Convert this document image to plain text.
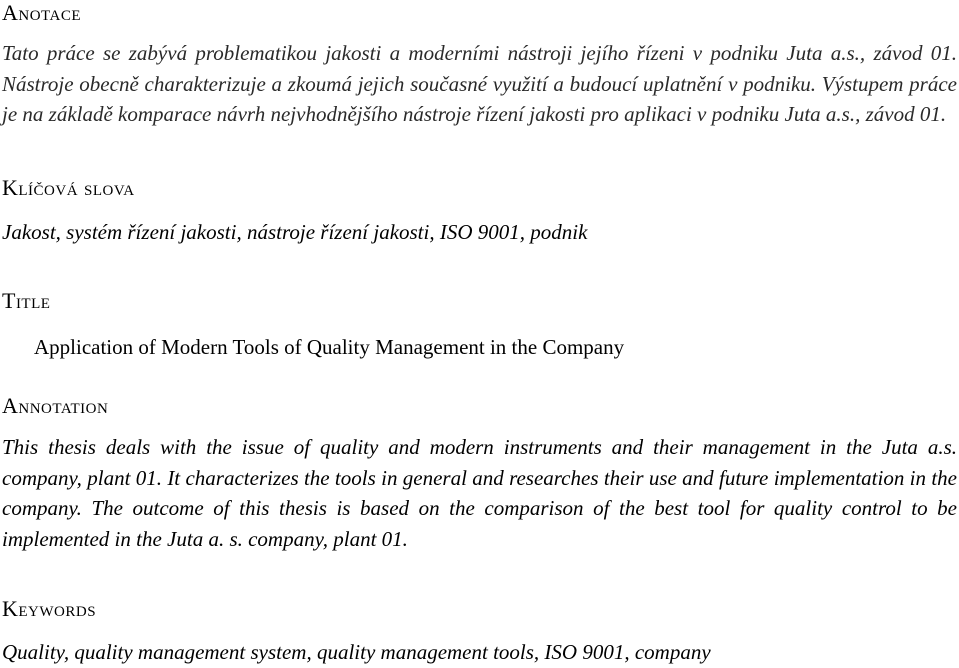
Anotace
Tato práce se zabývá problematikou jakosti a moderními nástroji jejího řízeni v podniku Juta a.s., závod 01. Nástroje obecně charakterizuje a zkoumá jejich současné využití a budoucí uplatnění v podniku. Výstupem práce je na základě komparace návrh nejvhodnějšího nástroje řízení jakosti pro aplikaci v podniku Juta a.s., závod 01.
Klíčová slova
Jakost, systém řízení jakosti, nástroje řízení jakosti, ISO 9001, podnik
Title
Application of Modern Tools of Quality Management in the Company
Annotation
This thesis deals with the issue of quality and modern instruments and their management in the Juta a.s. company, plant 01. It characterizes the tools in general and researches their use and future implementation in the company. The outcome of this thesis is based on the comparison of the best tool for quality control to be implemented in the Juta a. s. company, plant 01.
Keywords
Quality, quality management system, quality management tools, ISO 9001, company
